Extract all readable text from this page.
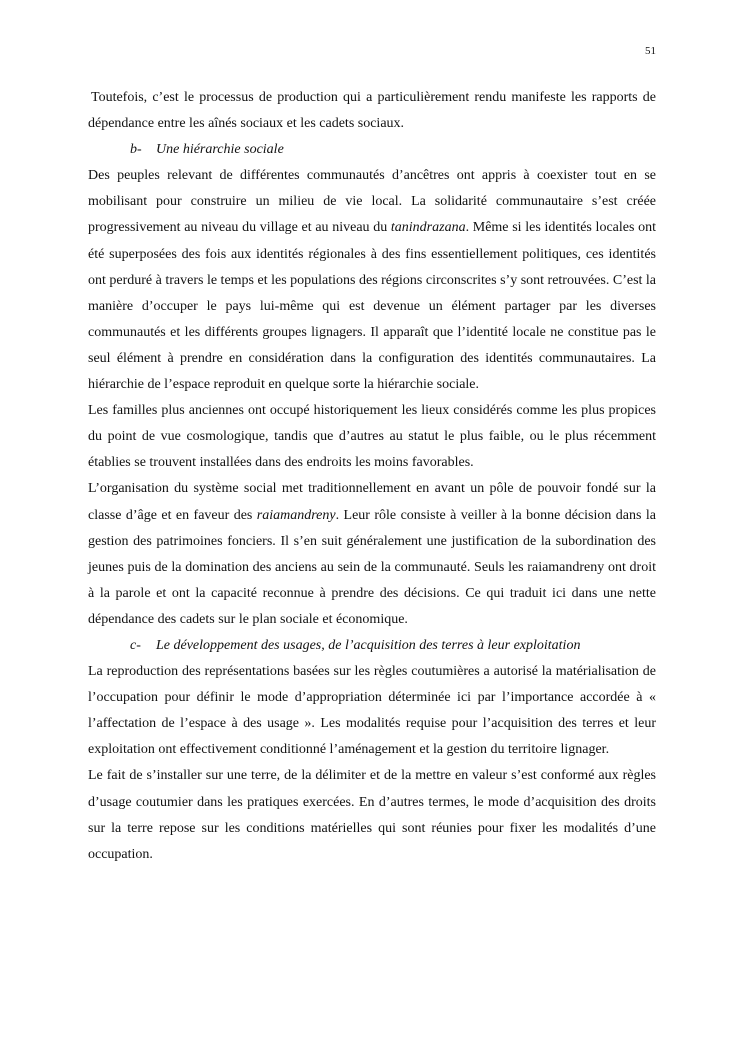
51

Toutefois, c’est le processus de production qui a particulièrement rendu manifeste les rapports de dépendance entre les aînés sociaux et les cadets sociaux.

b- Une hiérarchie sociale

Des peuples relevant de différentes communautés d’ancêtres ont appris à coexister tout en se mobilisant pour construire un milieu de vie local. La solidarité communautaire s’est créée progressivement au niveau du village et au niveau du tanindrazana. Même si les identités locales ont été superposées des fois aux identités régionales à des fins essentiellement politiques, ces identités ont perduré à travers le temps et les populations des régions circonscrites s’y sont retrouvées. C’est la manière d’occuper le pays lui-même qui est devenue un élément partager par les diverses communautés et les différents groupes lignagers. Il apparaît que l’identité locale ne constitue pas le seul élément à prendre en considération dans la configuration des identités communautaires. La hiérarchie de l’espace reproduit en quelque sorte la hiérarchie sociale.

Les familles plus anciennes ont occupé historiquement les lieux considérés comme les plus propices du point de vue cosmologique, tandis que d’autres au statut le plus faible, ou le plus récemment établies se trouvent installées dans des endroits les moins favorables.

L’organisation du système social met traditionnellement en avant un pôle de pouvoir fondé sur la classe d’âge et en faveur des raiamandreny. Leur rôle consiste à veiller à la bonne décision dans la gestion des patrimoines fonciers. Il s’en suit généralement une justification de la subordination des jeunes puis de la domination des anciens au sein de la communauté. Seuls les raiamandreny ont droit à la parole et ont la capacité reconnue à prendre des décisions. Ce qui traduit ici dans une nette dépendance des cadets sur le plan sociale et économique.

c- Le développement des usages, de l’acquisition des terres à leur exploitation

La reproduction des représentations basées sur les règles coutumières a autorisé la matérialisation de l’occupation pour définir le mode d’appropriation déterminée ici par l’importance accordée à « l’affectation de l’espace à des usage ». Les modalités requise pour l’acquisition des terres et leur exploitation ont effectivement conditionné l’aménagement et la gestion du territoire lignager.

Le fait de s’installer sur une terre, de la délimiter et de la mettre en valeur s’est conformé aux règles d’usage coutumier dans les pratiques exercées. En d’autres termes, le mode d’acquisition des droits sur la terre repose sur les conditions matérielles qui sont réunies pour fixer les modalités d’une occupation.
